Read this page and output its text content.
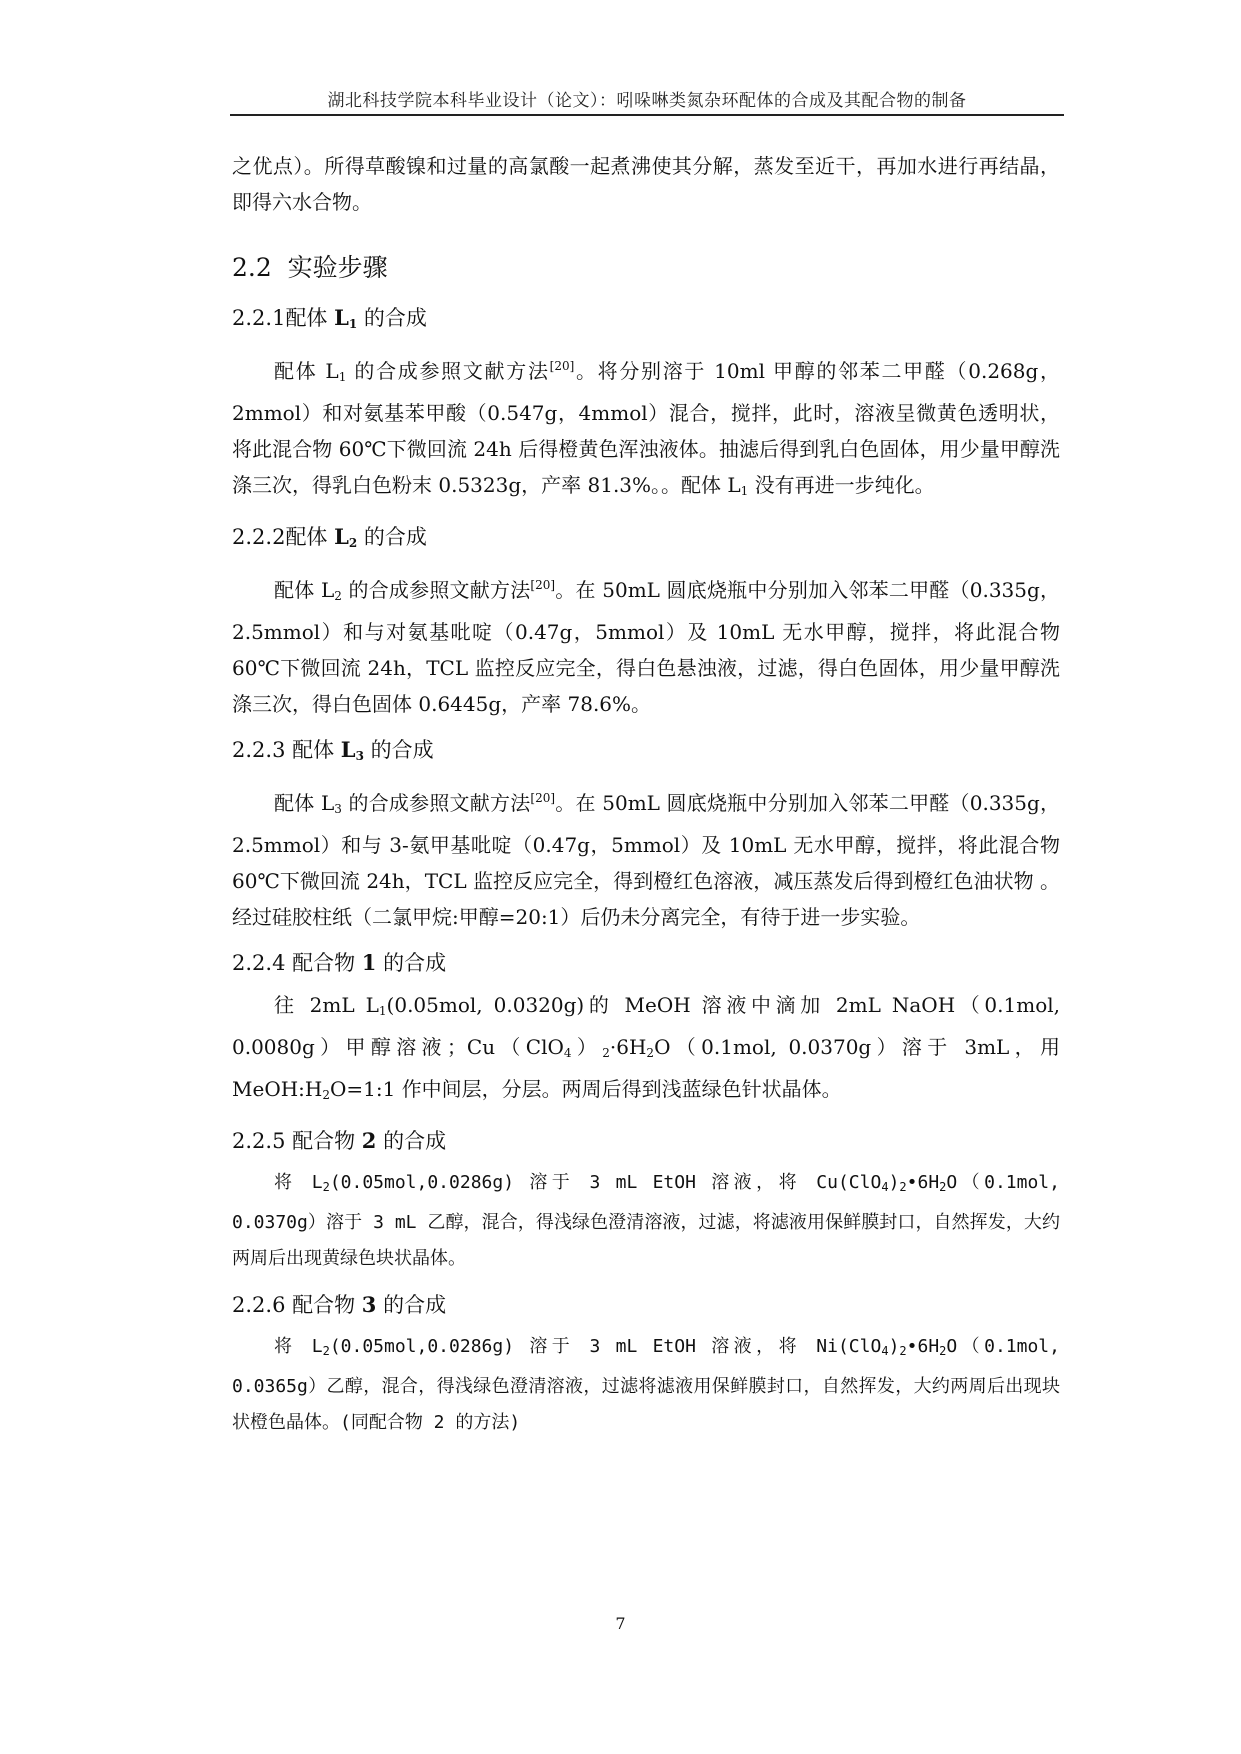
湖北科技学院本科毕业设计（论文）：吲哚啉类氮杂环配体的合成及其配合物的制备

之优点）。所得草酸镍和过量的高氯酸一起煮沸使其分解，蒸发至近干，再加水进行再结晶，即得六水合物。

2.2 实验步骤
2.2.1配体 $L_1$ 的合成

配体 $L_1$ 的合成参照文献方法[20]。将分别溶于 10ml 甲醇的邻苯二甲醛（0.268g，2mmol）和对氨基苯甲酸（0.547g，4mmol）混合，搅拌，此时，溶液呈微黄色透明状，将此混合物 60℃下微回流 24h 后得橙黄色浑浊液体。抽滤后得到乳白色固体，用少量甲醇洗涤三次，得乳白色粉末 0.5323g，产率 81.3%。。配体 $L_1$ 没有再进一步纯化。

2.2.2配体 $L_2$ 的合成

配体 $L_2$ 的合成参照文献方法[20]。在 50mL 圆底烧瓶中分别加入邻苯二甲醛（0.335g，2.5mmol）和与对氨基吡啶（0.47g，5mmol）及 10mL 无水甲醇，搅拌，将此混合物 60℃下微回流 24h，TCL 监控反应完全，得白色悬浊液，过滤，得白色固体，用少量甲醇洗涤三次，得白色固体 0.6445g，产率 78.6%。

2.2.3 配体 $L_3$ 的合成

配体 $L_3$ 的合成参照文献方法[20]。在 50mL 圆底烧瓶中分别加入邻苯二甲醛（0.335g，2.5mmol）和与 3-氨甲基吡啶（0.47g，5mmol）及 10mL 无水甲醇，搅拌，将此混合物 60℃下微回流 24h，TCL 监控反应完全，得到橙红色溶液，减压蒸发后得到橙红色油状物 。经过硅胶柱纸（二氯甲烷:甲醇=20:1）后仍未分离完全，有待于进一步实验。

2.2.4 配合物 1 的合成

往 2mL $L_1(0.05mol$, 0.0320g)的 MeOH 溶液中滴加 2mL NaOH（0.1mol, 0.0080g）甲醇溶液；$Cu(ClO_4)_2\cdot 6H_2O(0.1mol$, 0.0370g）溶于 3mL，用 $MeOH:H_2O=1:1$ 作中间层，分层。两周后得到浅蓝绿色针状晶体。

2.2.5 配合物 2 的合成

将 $L_2(0.05mol,0.0286g)$ 溶于 3 mL EtOH 溶液，将 $Cu(ClO_4)_2•6H_2O(0.1mol$, 0.0370g）溶于 3 mL 乙醇，混合，得浅绿色澄清溶液，过滤，将滤液用保鲜膜封口，自然挥发，大约两周后出现黄绿色块状晶体。

2.2.6 配合物 3 的合成

将 $L_2(0.05mol,0.0286g)$ 溶于 3 mL EtOH 溶液，将 $Ni(ClO_4)_2•6H_2O(0.1mol$, 0.0365g）乙醇，混合，得浅绿色澄清溶液，过滤将滤液用保鲜膜封口，自然挥发，大约两周后出现块状橙色晶体。(同配合物 2 的方法)

7
